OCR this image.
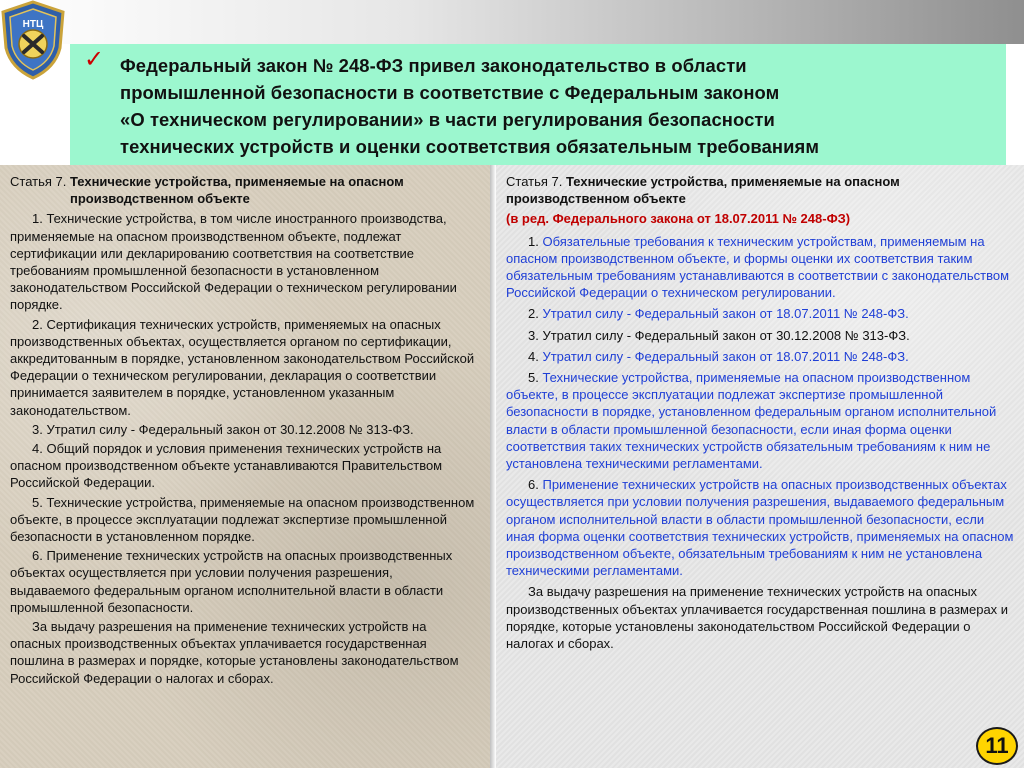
НТЦ
✓ Федеральный закон № 248-ФЗ привел законодательство в области

промышленной безопасности в соответствие с Федеральным законом

«О техническом регулировании» в части регулирования безопасности

технических устройств и оценки соответствия обязательным требованиям

Статья 7. Технические устройства, применяемые на опасном производственном объекте

1. Технические устройства, в том числе иностранного производства, применяемые на опасном производственном объекте, подлежат сертификации или декларированию соответствия на соответствие требованиям промышленной безопасности в установленном законодательством Российской Федерации о техническом регулировании порядке.

2. Сертификация технических устройств, применяемых на опасных производственных объектах, осуществляется органом по сертификации, аккредитованным в порядке, установленном законодательством Российской Федерации о техническом регулировании, декларация о соответствии принимается заявителем в порядке, установленном указанным законодательством.

3. Утратил силу - Федеральный закон от 30.12.2008 № 313-ФЗ.

4. Общий порядок и условия применения технических устройств на опасном производственном объекте устанавливаются Правительством Российской Федерации.

5. Технические устройства, применяемые на опасном производственном объекте, в процессе эксплуатации подлежат экспертизе промышленной безопасности в установленном порядке.

6. Применение технических устройств на опасных производственных объектах осуществляется при условии получения разрешения, выдаваемого федеральным органом исполнительной власти в области промышленной безопасности.

За выдачу разрешения на применение технических устройств на опасных производственных объектах уплачивается государственная пошлина в размерах и порядке, которые установлены законодательством Российской Федерации о налогах и сборах.

Статья 7. Технические устройства, применяемые на опасном производственном объекте

(в ред. Федерального закона от 18.07.2011 № 248-ФЗ)

1. Обязательные требования к техническим устройствам, применяемым на опасном производственном объекте, и формы оценки их соответствия таким обязательным требованиям устанавливаются в соответствии с законодательством Российской Федерации о техническом регулировании.

2. Утратил силу - Федеральный закон от 18.07.2011 № 248-ФЗ.

3. Утратил силу - Федеральный закон от 30.12.2008 № 313-ФЗ.

4. Утратил силу - Федеральный закон от 18.07.2011 № 248-ФЗ.

5. Технические устройства, применяемые на опасном производственном объекте, в процессе эксплуатации подлежат экспертизе промышленной безопасности в порядке, установленном федеральным органом исполнительной власти в области промышленной безопасности, если иная форма оценки соответствия таких технических устройств обязательным требованиям к ним не установлена техническими регламентами.

6. Применение технических устройств на опасных производственных объектах осуществляется при условии получения разрешения, выдаваемого федеральным органом исполнительной власти в области промышленной безопасности, если иная форма оценки соответствия технических устройств, применяемых на опасном производственном объекте, обязательным требованиям к ним не установлена техническими регламентами.

За выдачу разрешения на применение технических устройств на опасных производственных объектах уплачивается государственная пошлина в размерах и порядке, которые установлены законодательством Российской Федерации о налогах и сборах.

11
